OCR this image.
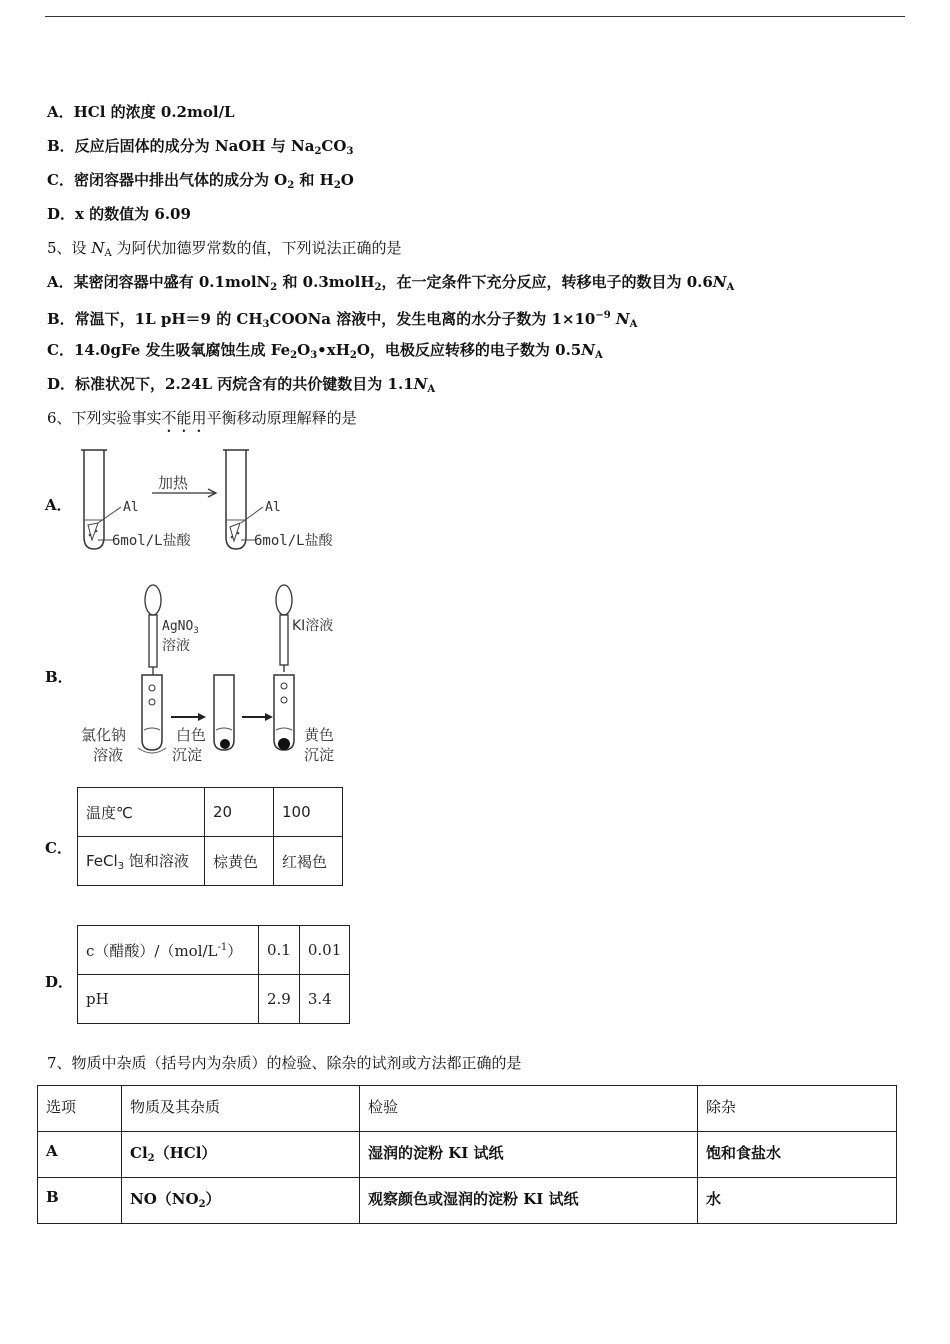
A．HCl 的浓度 0.2mol/L
B．反应后固体的成分为 NaOH 与 $Na_2CO_3$
C．密闭容器中排出气体的成分为 $O_2$ 和 $H_2O$
D．x 的数值为 6.09
5、设 $N_A$ 为阿伏加德罗常数的值，下列说法正确的是
A．某密闭容器中盛有 0.1molN$_2$ 和 0.3molH$_2$，在一定条件下充分反应，转移电子的数目为 $0.6N_A$
B．常温下，1L pH＝9 的 $CH_3COONa$ 溶液中，发生电离的水分子数为 $1\times 10^{-9}$ $N_A$
C．14.0gFe 发生吸氧腐蚀生成 $Fe_2O_3•xH_2O$，电极反应转移的电子数为 $0.5N_A$
D．标准状况下，2.24L 丙烷含有的共价键数目为 $1.1N_A$
6、下列实验事实不能用平衡移动原理解释的是
A．	Al
6mol/L盐酸
加热
Al
6mol/L盐酸
B．
AgNO$_3$
溶液
KI溶液
氯化钠
溶液
白色
沉淀
黄色
沉淀
C．
温度℃	20	100
FeCl$_3$ 饱和溶液	棕黄色	红褐色
D．
c（醋酸）$/(mol/L^{-1})$	0.1	0.01
pH	2.9	3.4
7、物质中杂质（括号内为杂质）的检验、除杂的试剂或方法都正确的是
选项	物质及其杂质	检验	除杂
A	$Cl_2(HCl)$	湿润的淀粉 KI 试纸	饱和食盐水
B	$NO(NO_2)$	观察颜色或湿润的淀粉 KI 试纸	水
